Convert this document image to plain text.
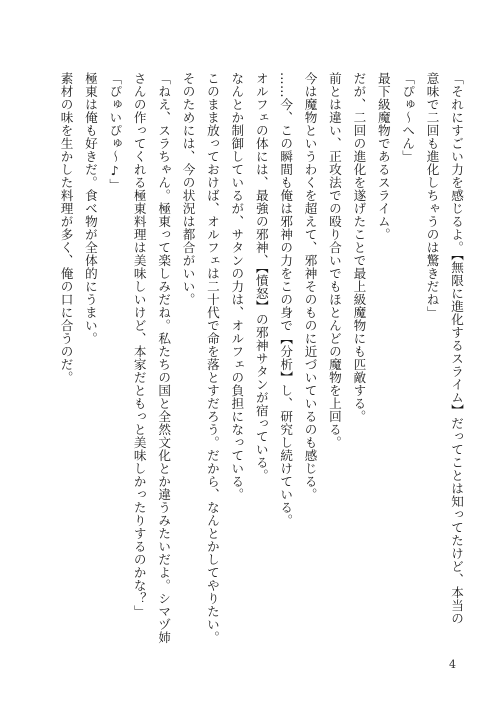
「それにすごい力を感じるよ。【無限に進化するスライム】だってことは知ってたけど、本当の
意味で二回も進化しちゃうのは驚きだね」
「ぴゅ〜へん」
最下級魔物であるスライム。
だが、二回の進化を遂げたことで最上級魔物にも匹敵する。
前とは違い、正攻法での殴り合いでもほとんどの魔物を上回る。
今は魔物というわくを超えて、邪神そのものに近づいているのも感じる。
……今、この瞬間も俺は邪神の力をこの身で【分析】し、研究し続けている。
オルフェの体には、最強の邪神、【憤怒】の邪神サタンが宿っている。
なんとか制御しているが、サタンの力は、オルフェの負担になっている。
このまま放っておけば、オルフェは二十代で命を落とすだろう。だから、なんとかしてやりたい。
そのためには、今の状況は都合がいい。
「ねえ、スラちゃん。極東って楽しみだね。私たちの国と全然文化とか違うみたいだよ。シマヅ姉
さんの作ってくれる極東料理は美味しいけど、本家だともっと美味しかったりするのかな？」
「ぴゅいぴゅ〜♪」
極東は俺も好きだ。食べ物が全体的にうまい。
素材の味を生かした料理が多く、俺の口に合うのだ。
4
